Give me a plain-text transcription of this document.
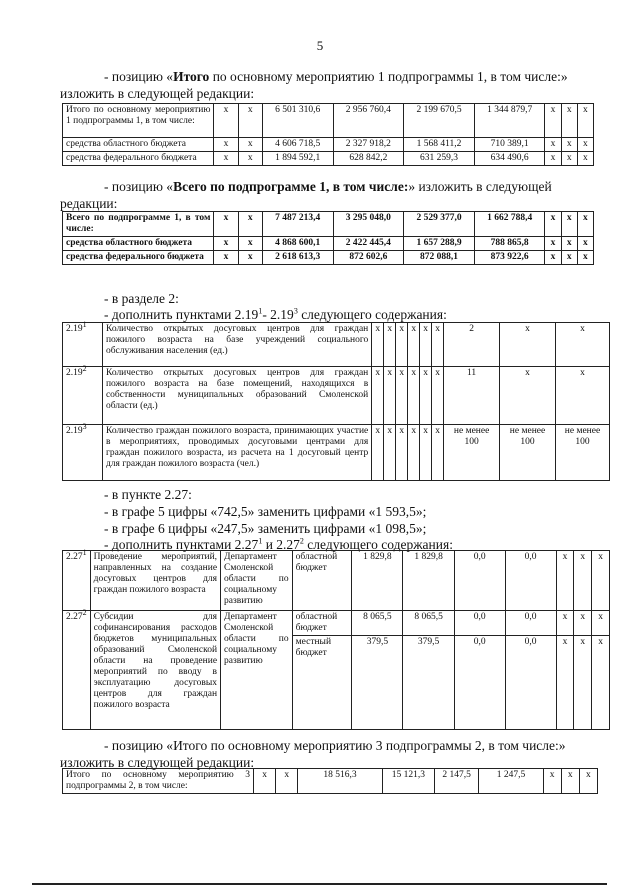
5
- позицию «Итого по основному мероприятию 1 подпрограммы 1, в том числе:» изложить в следующей редакции:
Итого по основному мероприятию 1 подпрограммы 1, в том числе:	х	х	6 501 310,6	2 956 760,4	2 199 670,5	1 344 879,7	х	х	х
средства областного бюджета	х	х	4 606 718,5	2 327 918,2	1 568 411,2	710 389,1	х	х	х
средства федерального бюджета	х	х	1 894 592,1	628 842,2	631 259,3	634 490,6	х	х	х
- позицию «Всего по подпрограмме 1, в том числе:» изложить в следующей редакции:
Всего по подпрограмме 1, в том числе:	х	х	7 487 213,4	3 295 048,0	2 529 377,0	1 662 788,4	х	х	х
средства областного бюджета	х	х	4 868 600,1	2 422 445,4	1 657 288,9	788 865,8	х	х	х
средства федерального бюджета	х	х	2 618 613,3	872 602,6	872 088,1	873 922,6	х	х	х
- в разделе 2:
- дополнить пунктами 2.19$^1$- 2.19$^3$ следующего содержания:
2.19$^1$	Количество открытых досуговых центров для граждан пожилого возраста на базе учреждений социального обслуживания населения (ед.)	х	х	х	х	х	х	2	х	х
2.19$^2$	Количество открытых досуговых центров для граждан пожилого возраста на базе помещений, находящихся в собственности муниципальных образований Смоленской области (ед.)	х	х	х	х	х	х	11	х	х
2.19$^3$	Количество граждан пожилого возраста, принимающих участие в мероприятиях, проводимых досуговыми центрами для граждан пожилого возраста, из расчета на 1 досуговый центр для граждан пожилого возраста (чел.)	х	х	х	х	х	х	не менее 100	не менее 100	не менее 100
- в пункте 2.27:
- в графе 5 цифры «742,5» заменить цифрами «1 593,5»;
- в графе 6 цифры «247,5» заменить цифрами «1 098,5»;
- дополнить пунктами 2.27$^1$ и 2.27$^2$ следующего содержания:
2.27$^1$	Проведение мероприятий, направленных на создание досуговых центров для граждан пожилого возраста	Департамент Смоленской области по социальному развитию	областной бюджет	1 829,8	1 829,8	0,0	0,0	х	х	х
2.27$^2$	Субсидии для софинансирования расходов бюджетов муниципальных образований Смоленской области на проведение мероприятий по вводу в эксплуатацию досуговых центров для граждан пожилого возраста	Департамент Смоленской области по социальному развитию	областной бюджет	8 065,5	8 065,5	0,0	0,0	х	х	х
			местный бюджет	379,5	379,5	0,0	0,0	х	х	х
- позицию «Итого по основному мероприятию 3 подпрограммы 2, в том числе:» изложить в следующей редакции:
Итого по основному мероприятию 3 подпрограммы 2, в том числе:	х	х	18 516,3	15 121,3	2 147,5	1 247,5	х	х	х
